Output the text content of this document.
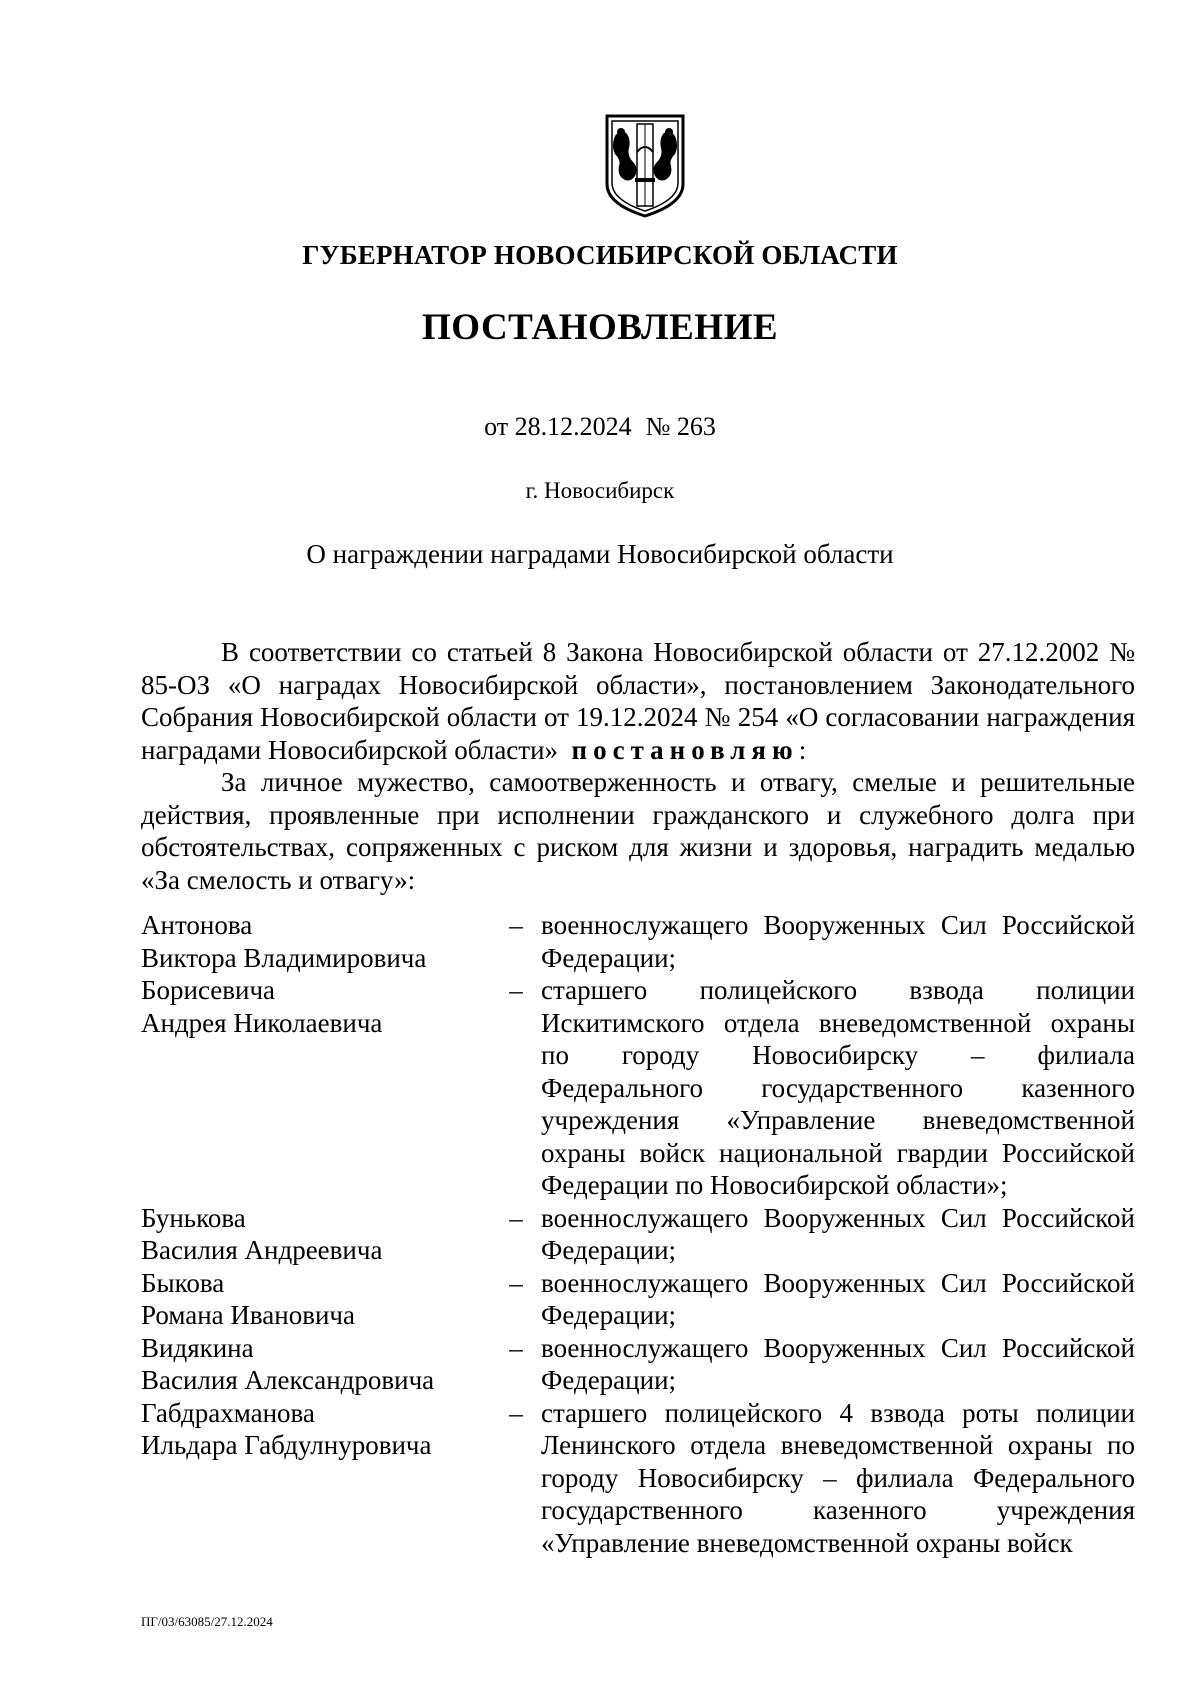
ГУБЕРНАТОР НОВОСИБИРСКОЙ ОБЛАСТИ
ПОСТАНОВЛЕНИЕ
от 28.12.2024 № 263
г. Новосибирск
О награждении наградами Новосибирской области

В соответствии со статьей 8 Закона Новосибирской области от 27.12.2002 № 85-ОЗ «О наградах Новосибирской области», постановлением Законодательного Собрания Новосибирской области от 19.12.2024 № 254 «О согласовании награждения наградами Новосибирской области» постановляю:

За личное мужество, самоотверженность и отвагу, смелые и решительные действия, проявленные при исполнении гражданского и служебного долга при обстоятельствах, сопряженных с риском для жизни и здоровья, наградить медалью «За смелость и отвагу»:

Антонова
Виктора Владимировича
– военнослужащего Вооруженных Сил Российской
Федерации;
Борисевича
Андрея Николаевича
– старшего полицейского взвода полиции
Искитимского отдела вневедомственной охраны
по городу Новосибирску – филиала
Федерального государственного казенного
учреждения «Управление вневедомственной
охраны войск национальной гвардии Российской
Федерации по Новосибирской области»;
Бунькова
Василия Андреевича
– военнослужащего Вооруженных Сил Российской
Федерации;
Быкова
Романа Ивановича
– военнослужащего Вооруженных Сил Российской
Федерации;
Видякина
Василия Александровича
– военнослужащего Вооруженных Сил Российской
Федерации;
Габдрахманова
Ильдара Габдулнуровича
– старшего полицейского 4 взвода роты полиции
Ленинского отдела вневедомственной охраны по
городу Новосибирску – филиала Федерального
государственного казенного учреждения
«Управление вневедомственной охраны войск
ПГ/03/63085/27.12.2024
